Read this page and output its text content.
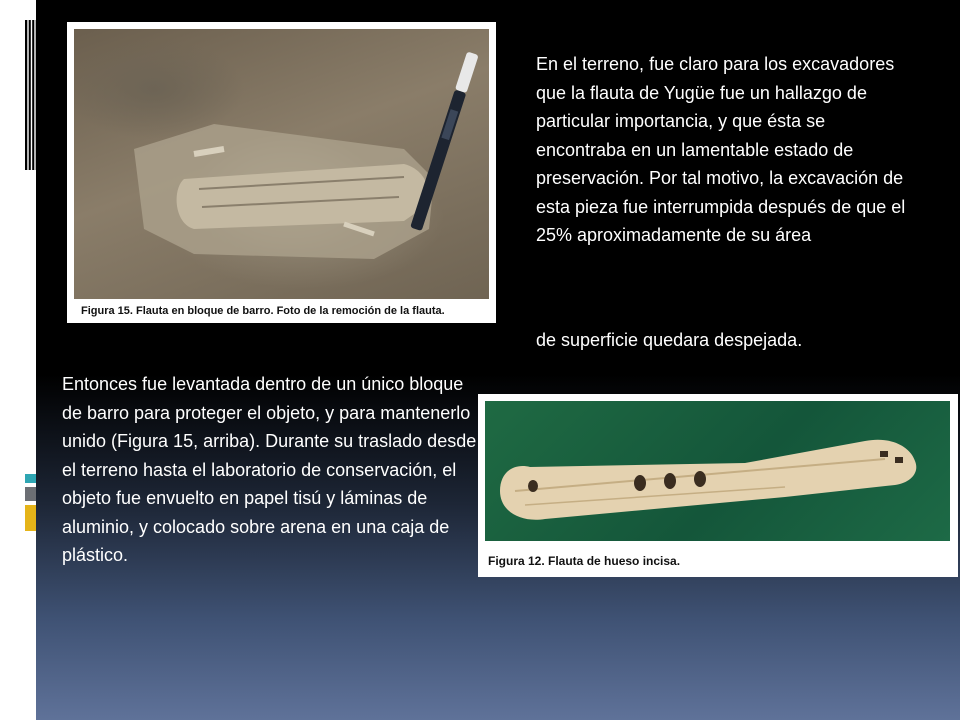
Figura 15. Flauta en bloque de barro. Foto de la remoción de la flauta.

En el terreno, fue claro para los excavadores que la flauta de Yugüe fue un hallazgo de particular importancia, y que ésta se encontraba en un lamentable estado de preservación. Por tal motivo, la excavación de esta pieza fue interrumpida después de que el 25% aproximadamente de su área

de superficie quedara despejada.

Entonces fue levantada dentro de un único bloque de barro para proteger el objeto, y para mantenerlo unido (Figura 15, arriba). Durante su traslado desde el terreno hasta el laboratorio de conservación, el objeto fue envuelto en papel tisú y láminas de aluminio, y colocado sobre arena en una caja de plástico.	Figura 12. Flauta de hueso incisa.
